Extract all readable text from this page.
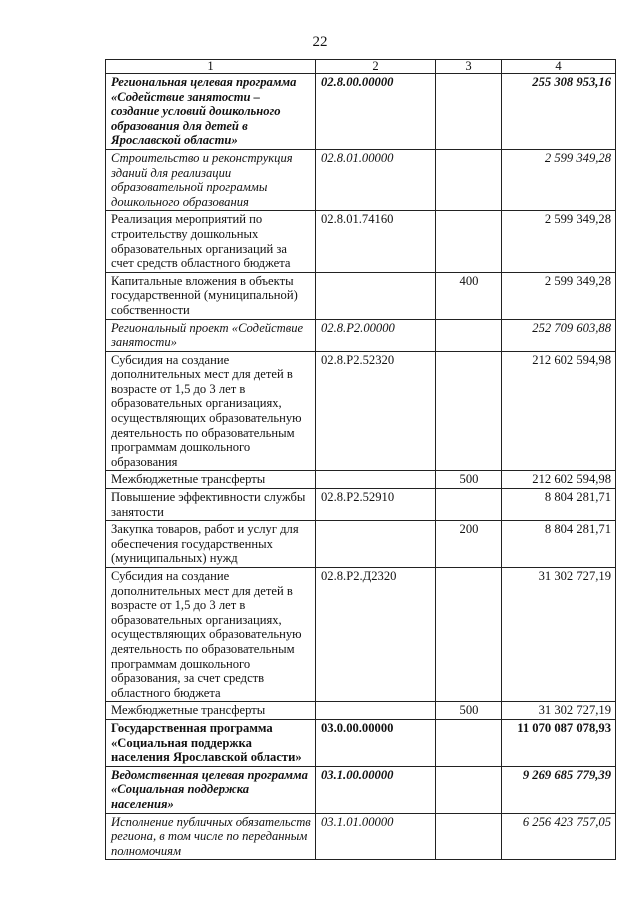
22
1	2	3	4
Региональная целевая программа «Содействие занятости – создание условий дошкольного образования для детей в Ярославской области»	02.8.00.00000		255 308 953,16
Строительство и реконструкция зданий для реализации образовательной программы дошкольного образования	02.8.01.00000		2 599 349,28
Реализация мероприятий по строительству дошкольных образовательных организаций за счет средств областного бюджета	02.8.01.74160		2 599 349,28
Капитальные вложения в объекты государственной (муниципальной) собственности		400	2 599 349,28
Региональный проект «Содействие занятости»	02.8.Р2.00000		252 709 603,88
Субсидия на создание дополнительных мест для детей в возрасте от 1,5 до 3 лет в образовательных организациях, осуществляющих образовательную деятельность по образовательным программам дошкольного образования	02.8.Р2.52320		212 602 594,98
Межбюджетные трансферты		500	212 602 594,98
Повышение эффективности службы занятости	02.8.Р2.52910		8 804 281,71
Закупка товаров, работ и услуг для обеспечения государственных (муниципальных) нужд		200	8 804 281,71
Субсидия на создание дополнительных мест для детей в возрасте от 1,5 до 3 лет в образовательных организациях, осуществляющих образовательную деятельность по образовательным программам дошкольного образования, за счет средств областного бюджета	02.8.Р2.Д2320		31 302 727,19
Межбюджетные трансферты		500	31 302 727,19
Государственная программа «Социальная поддержка населения Ярославской области»	03.0.00.00000		11 070 087 078,93
Ведомственная целевая программа «Социальная поддержка населения»	03.1.00.00000		9 269 685 779,39
Исполнение публичных обязательств региона, в том числе по переданным полномочиям	03.1.01.00000		6 256 423 757,05
